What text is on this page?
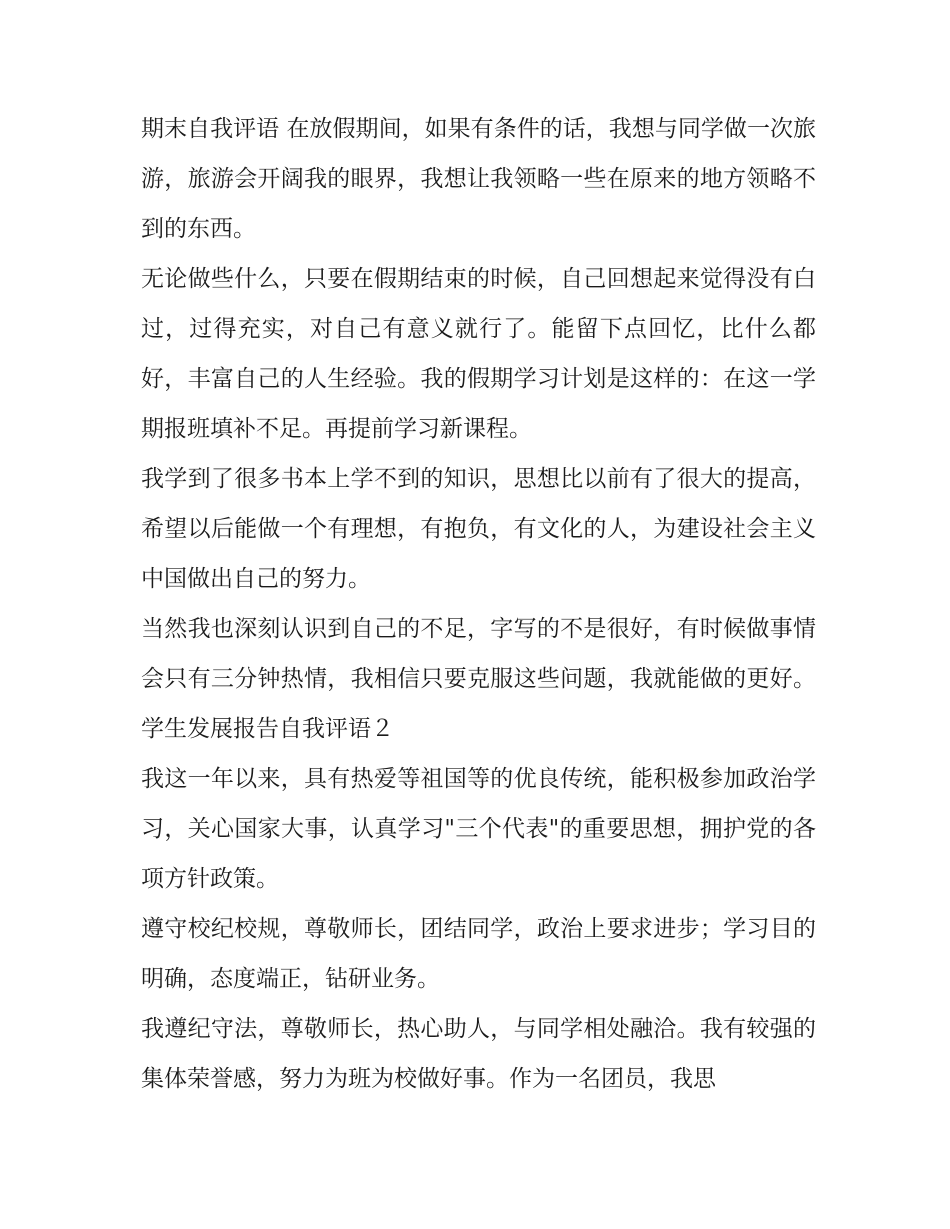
期末自我评语 在放假期间，如果有条件的话，我想与同学做一次旅游，旅游会开阔我的眼界，我想让我领略一些在原来的地方领略不到的东西。

无论做些什么，只要在假期结束的时候，自己回想起来觉得没有白过，过得充实，对自己有意义就行了。能留下点回忆，比什么都好，丰富自己的人生经验。我的假期学习计划是这样的：在这一学期报班填补不足。再提前学习新课程。

我学到了很多书本上学不到的知识，思想比以前有了很大的提高，希望以后能做一个有理想，有抱负，有文化的人，为建设社会主义中国做出自己的努力。

当然我也深刻认识到自己的不足，字写的不是很好，有时候做事情会只有三分钟热情，我相信只要克服这些问题，我就能做的更好。 学生发展报告自我评语２

我这一年以来，具有热爱等祖国等的优良传统，能积极参加政治学习，关心国家大事，认真学习"三个代表"的重要思想，拥护党的各项方针政策。

遵守校纪校规，尊敬师长，团结同学，政治上要求进步；学习目的明确，态度端正，钻研业务。

我遵纪守法，尊敬师长，热心助人，与同学相处融洽。我有较强的集体荣誉感，努力为班为校做好事。作为一名团员，我思
